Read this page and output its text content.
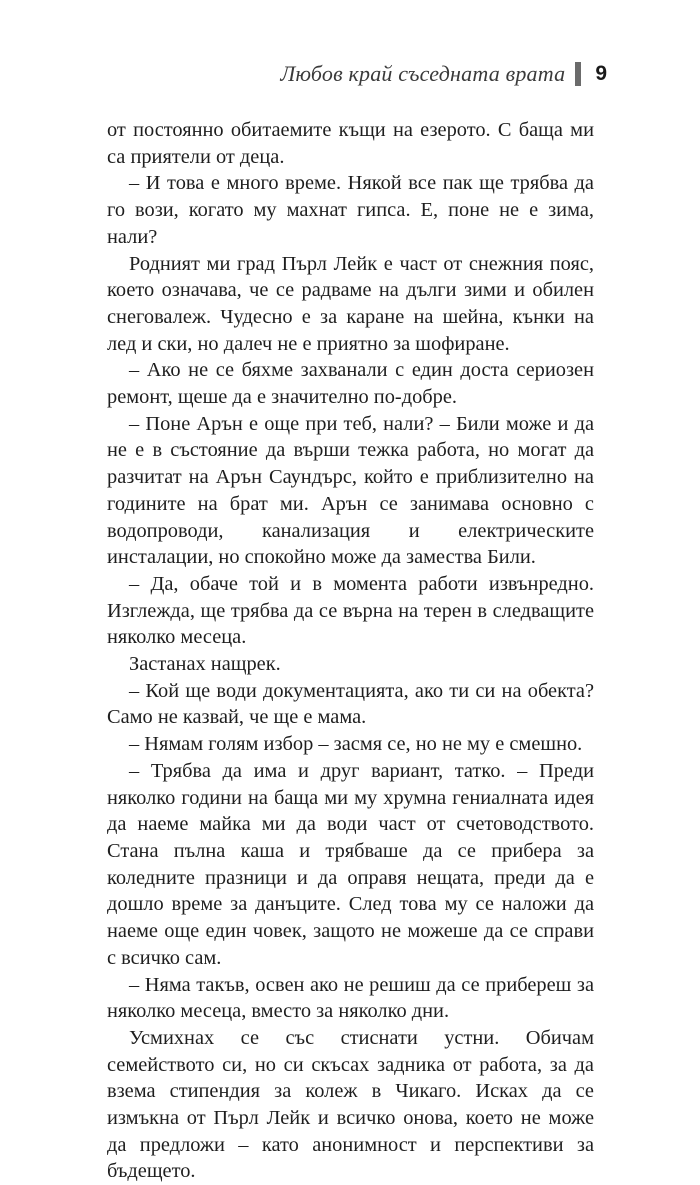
Любов край съседната врата 9

от постоянно обитаемите къщи на езерото. С баща ми са приятели от деца.

– И това е много време. Някой все пак ще трябва да го вози, когато му махнат гипса. Е, поне не е зима, нали?

Родният ми град Пърл Лейк е част от снежния пояс, което означава, че се радваме на дълги зими и обилен снеговалеж. Чудесно е за каране на шейна, кънки на лед и ски, но далеч не е приятно за шофиране.

– Ако не се бяхме захванали с един доста сериозен ремонт, щеше да е значително по-добре.

– Поне Арън е още при теб, нали? – Били може и да не е в състояние да върши тежка работа, но могат да разчитат на Арън Саундърс, който е приблизително на годините на брат ми. Арън се занимава основно с водопроводи, канализация и електрическите инсталации, но спокойно може да замества Били.

– Да, обаче той и в момента работи извънредно. Изглежда, ще трябва да се върна на терен в следващите няколко месеца.

Застанах нащрек.

– Кой ще води документацията, ако ти си на обекта? Само не казвай, че ще е мама.

– Нямам голям избор – засмя се, но не му е смешно.

– Трябва да има и друг вариант, татко. – Преди няколко години на баща ми му хрумна гениалната идея да наеме майка ми да води част от счетоводството. Стана пълна каша и трябваше да се прибера за коледните празници и да оправя нещата, преди да е дошло време за данъците. След това му се наложи да наеме още един човек, защото не можеше да се справи с всичко сам.

– Няма такъв, освен ако не решиш да се прибереш за няколко месеца, вместо за няколко дни.

Усмихнах се със стиснати устни. Обичам семейството си, но си скъсах задника от работа, за да взема стипендия за колеж в Чикаго. Исках да се измъкна от Пърл Лейк и всичко онова, което не може да предложи – като анонимност и перспективи за бъдещето.
